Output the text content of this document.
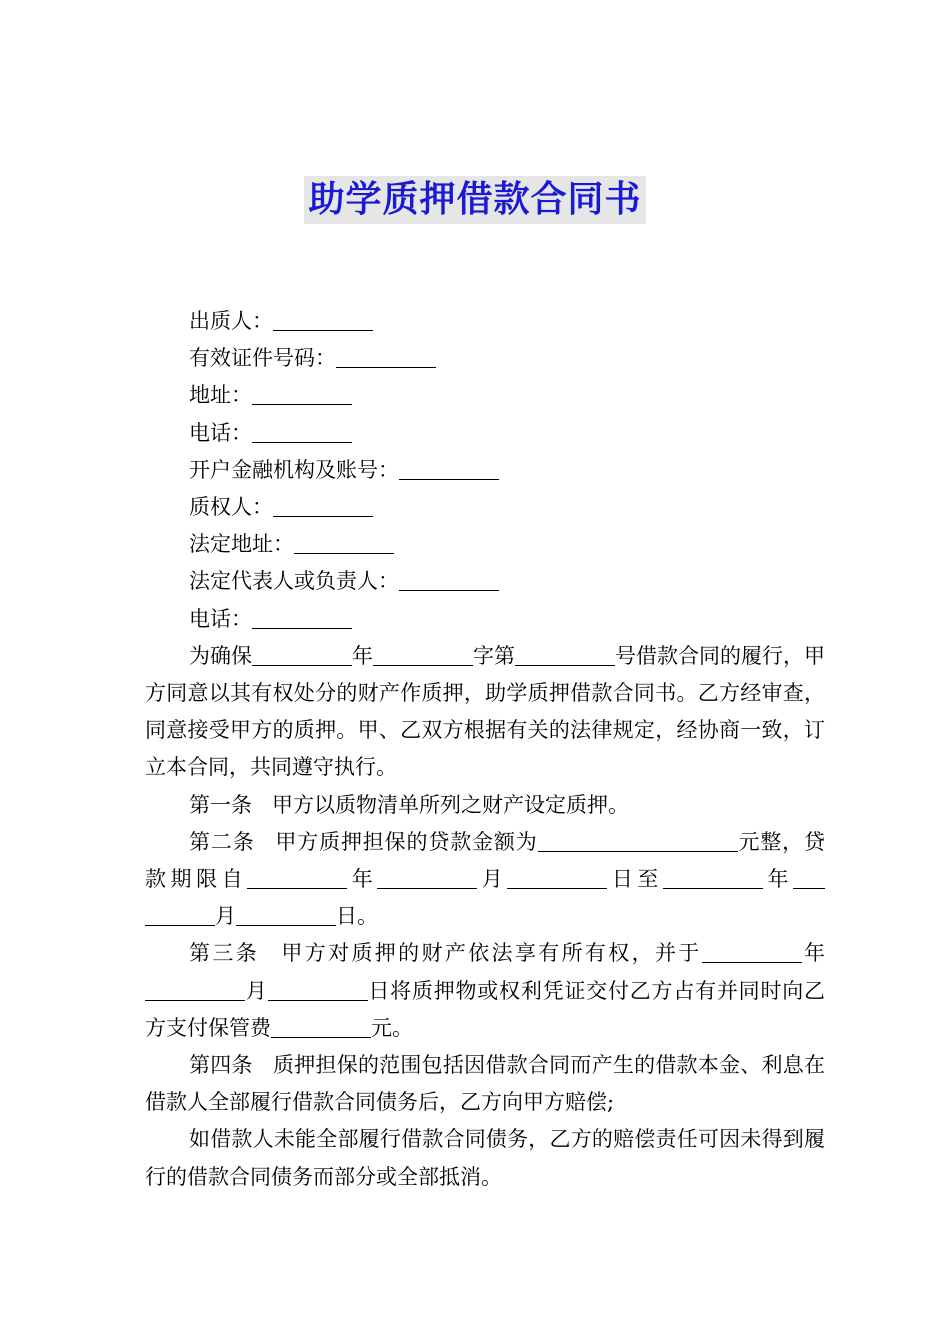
助学质押借款合同书
出质人：
有效证件号码：
地址：
电话：
开户金融机构及账号：
质权人：
法定地址：
法定代表人或负责人：
电话：
为确保	年	字第	号借款合同的履行，甲方同意以其有权处分的财产作质押，助学质押借款合同书。乙方经审查，同意接受甲方的质押。甲、乙双方根据有关的法律规定，经协商一致，订立本合同，共同遵守执行。
第一条 甲方以质物清单所列之财产设定质押。
第二条 甲方质押担保的贷款金额为	元整，贷款期限自	年	月	日至	年月	日。
第三条 甲方对质押的财产依法享有所有权，并于	年月	日将质押物或权利凭证交付乙方占有并同时向乙方支付保管费	元。
第四条 质押担保的范围包括因借款合同而产生的借款本金、利息在借款人全部履行借款合同债务后，乙方向甲方赔偿;
如借款人未能全部履行借款合同债务，乙方的赔偿责任可因未得到履行的借款合同债务而部分或全部抵消。
